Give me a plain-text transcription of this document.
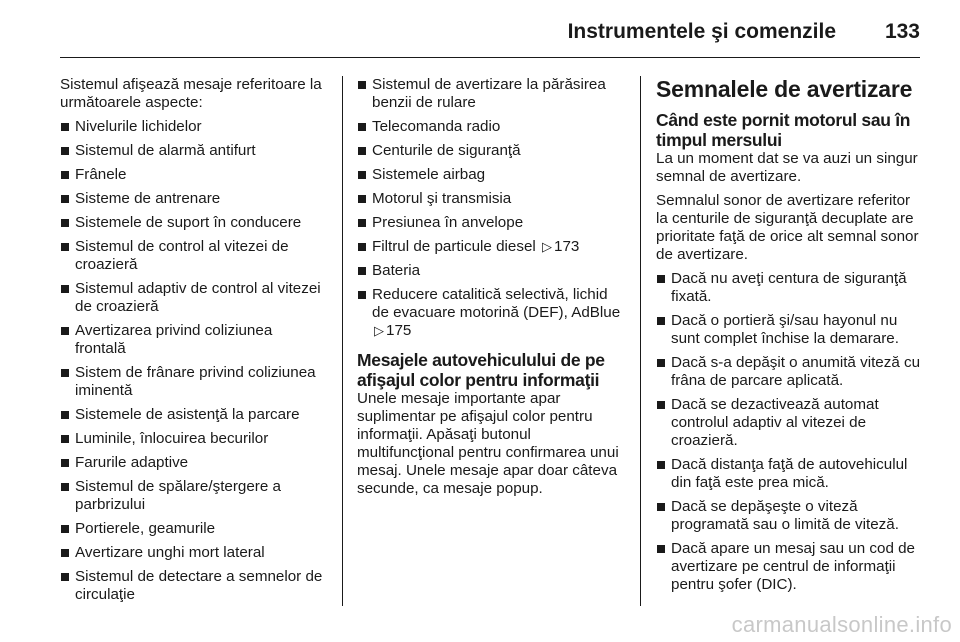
Instrumentele şi comenzile 133

Sistemul afişează mesaje referitoare la următoarele aspecte:

Nivelurile lichidelor
Sistemul de alarmă antifurt
Frânele
Sisteme de antrenare
Sistemele de suport în conducere
Sistemul de control al vitezei de croazieră
Sistemul adaptiv de control al vitezei de croazieră
Avertizarea privind coliziunea frontală
Sistem de frânare privind coliziunea iminentă
Sistemele de asistenţă la parcare
Luminile, înlocuirea becurilor
Farurile adaptive
Sistemul de spălare/ştergere a parbrizului
Portierele, geamurile
Avertizare unghi mort lateral
Sistemul de detectare a semnelor de circulaţie
Sistemul de avertizare la părăsirea benzii de rulare
Telecomanda radio
Centurile de siguranţă
Sistemele airbag
Motorul şi transmisia
Presiunea în anvelope
Filtrul de particule diesel ▷ 173
Bateria
Reducere catalitică selectivă, lichid de evacuare motorină (DEF), AdBlue ▷ 175
Mesajele autovehiculului de pe afişajul color pentru informaţii

Unele mesaje importante apar suplimentar pe afişajul color pentru informaţii. Apăsaţi butonul multifuncţional pentru confirmarea unui mesaj. Unele mesaje apar doar câteva secunde, ca mesaje popup.

Semnalele de avertizare
Când este pornit motorul sau în timpul mersului

La un moment dat se va auzi un singur semnal de avertizare.

Semnalul sonor de avertizare referitor la centurile de siguranţă decuplate are prioritate faţă de orice alt semnal sonor de avertizare.

Dacă nu aveţi centura de siguranţă fixată.
Dacă o portieră şi/sau hayonul nu sunt complet închise la demarare.
Dacă s-a depăşit o anumită viteză cu frâna de parcare aplicată.
Dacă se dezactivează automat controlul adaptiv al vitezei de croazieră.
Dacă distanţa faţă de autovehiculul din faţă este prea mică.
Dacă se depăşeşte o viteză programată sau o limită de viteză.
Dacă apare un mesaj sau un cod de avertizare pe centrul de informaţii pentru şofer (DIC).
carmanualsonline.info
